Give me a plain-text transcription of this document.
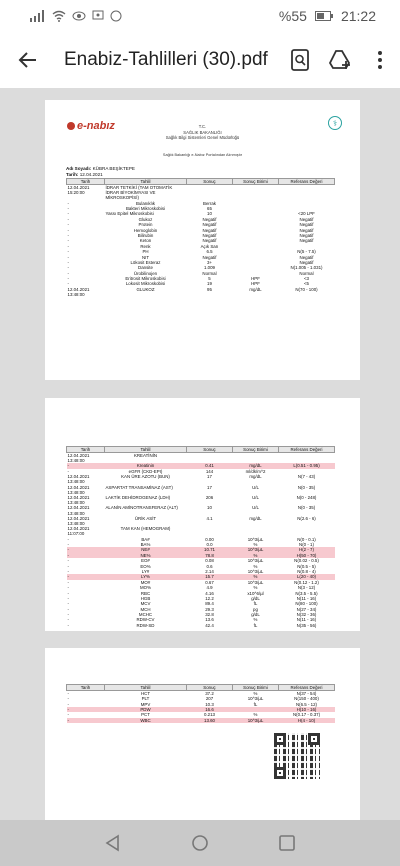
%55 21:22
Enabiz-Tahlilleri (30).pdf
e-nabız	T.C.
SAĞLIK BAKANLIĞI
Sağlık Bilgi Sistemleri Genel Müdürlüğü
⚕
Sağlık Bakanlığı e-Nabız Portalından Alınmıştır
Adı Soyadı: KÜBRA BEŞİKTEPE
Tarih: 12.04.2021
Tarih	Tahlil	Sonuç	Sonuç Birimi	Referans Değeri
12.04.2021 15:20:00	İDRAR TETKİKİ (TAM OTOMATİK İDRAR BİYOKİMYASI VE MİKROSKOPİSİ)			
-	Bulanıklık	Berrak		
-	Bakteri Mikroskobisi	65		
-	Yassı Epitel Mikroskobisi	10		<20 LPF
-	Glukoz	Negatif		Negatif
-	Protein	Negatif		Negatif
-	Hemoglobin	Negatif		Negatif
-	Bilirubin	Negatif		Negatif
-	Keton	Negatif		Negatif
-	Renk	Açık Sarı		
-	PH	6.5		N(5 - 7.5)
-	NIT	Negatif		Negatif
-	Lökosit Esteraz	3+		Negatif
-	Dansite	1.009		N(1.005 - 1.031)
-	Ürobilinojen	Normal		Normal
-	Eritrosit Mikroskobisi	5	HPF	<3
-	Lokosit Mikroskobisi	19	HPF	<5
12.04.2021 13:48:00	GLUKOZ	95	mg/dL	N(70 - 100)
Tarih	Tahlil	Sonuç	Sonuç Birimi	Referans Değeri
12.04.2021 13:48:00	KREATİNİN			
-	Kreatinin	0.41	mg/dL	L(0.51 - 0.95)
-	eGFR (CKD-EPI)	144	ml/dk/m^2	
12.04.2021 13:48:00	KAN ÜRE AZOTU (BUN)	17	mg/dL	N(7 - 43)
12.04.2021 13:48:00	ASPARTAT TRANSAMİNAZ (AST)	17	U/L	N(0 - 35)
12.04.2021 13:48:00	LAKTİK DEHİDROGENAZ (LDH)	206	U/L	N(0 - 248)
12.04.2021 13:48:00	ALANİN AMİNOTRANSFERAZ (ALT)	10	U/L	N(0 - 35)
12.04.2021 13:48:00	ÜRİK ASİT	4.1	mg/dL	N(2.6 - 6)
12.04.2021 11:07:00	TAM KAN (HEMOGRAM)			
-	BA#	0.00	10^3/µL	N(0 - 0.1)
-	BA%	0.0	%	N(0 - 1)
-	NE#	10.71	10^3/µL	H(2 - 7)
-	NE%	78.8	%	H(50 - 70)
-	EO#	0.08	10^3/µL	N(0.02 - 0.5)
-	EO%	0.6	%	N(0.5 - 5)
-	LY#	2.14	10^3/µL	N(0.8 - 4)
-	LY%	15.7	%	L(20 - 40)
-	MO#	0.67	10^3/µL	N(0.12 - 1.2)
-	MO%	4.9	%	N(3 - 12)
-	RBC	4.16	x10^6/µl	N(3.5 - 5.5)
-	HGB	12.2	g/dL	N(11 - 16)
-	MCV	89.4	fL	N(80 - 100)
-	MCH	29.3	pg	N(27 - 34)
-	MCHC	32.8	g/dL	N(32 - 36)
-	RDW-CV	13.6	%	N(11 - 16)
-	RDW-SD	42.4	fL	N(35 - 56)
Tarih	Tahlil	Sonuç	Sonuç Birimi	Referans Değeri
-	HCT	37.2	%	N(37 - 54)
-	PLT	207	10^3/µL	N(150 - 400)
-	MPV	10.3	fL	N(6.5 - 12)
-	PDW	16.6		H(10 - 16)
-	PCT	0.213	%	N(0.17 - 0.37)
-	WBC	13.60	10^3/µL	H(4 - 10)
